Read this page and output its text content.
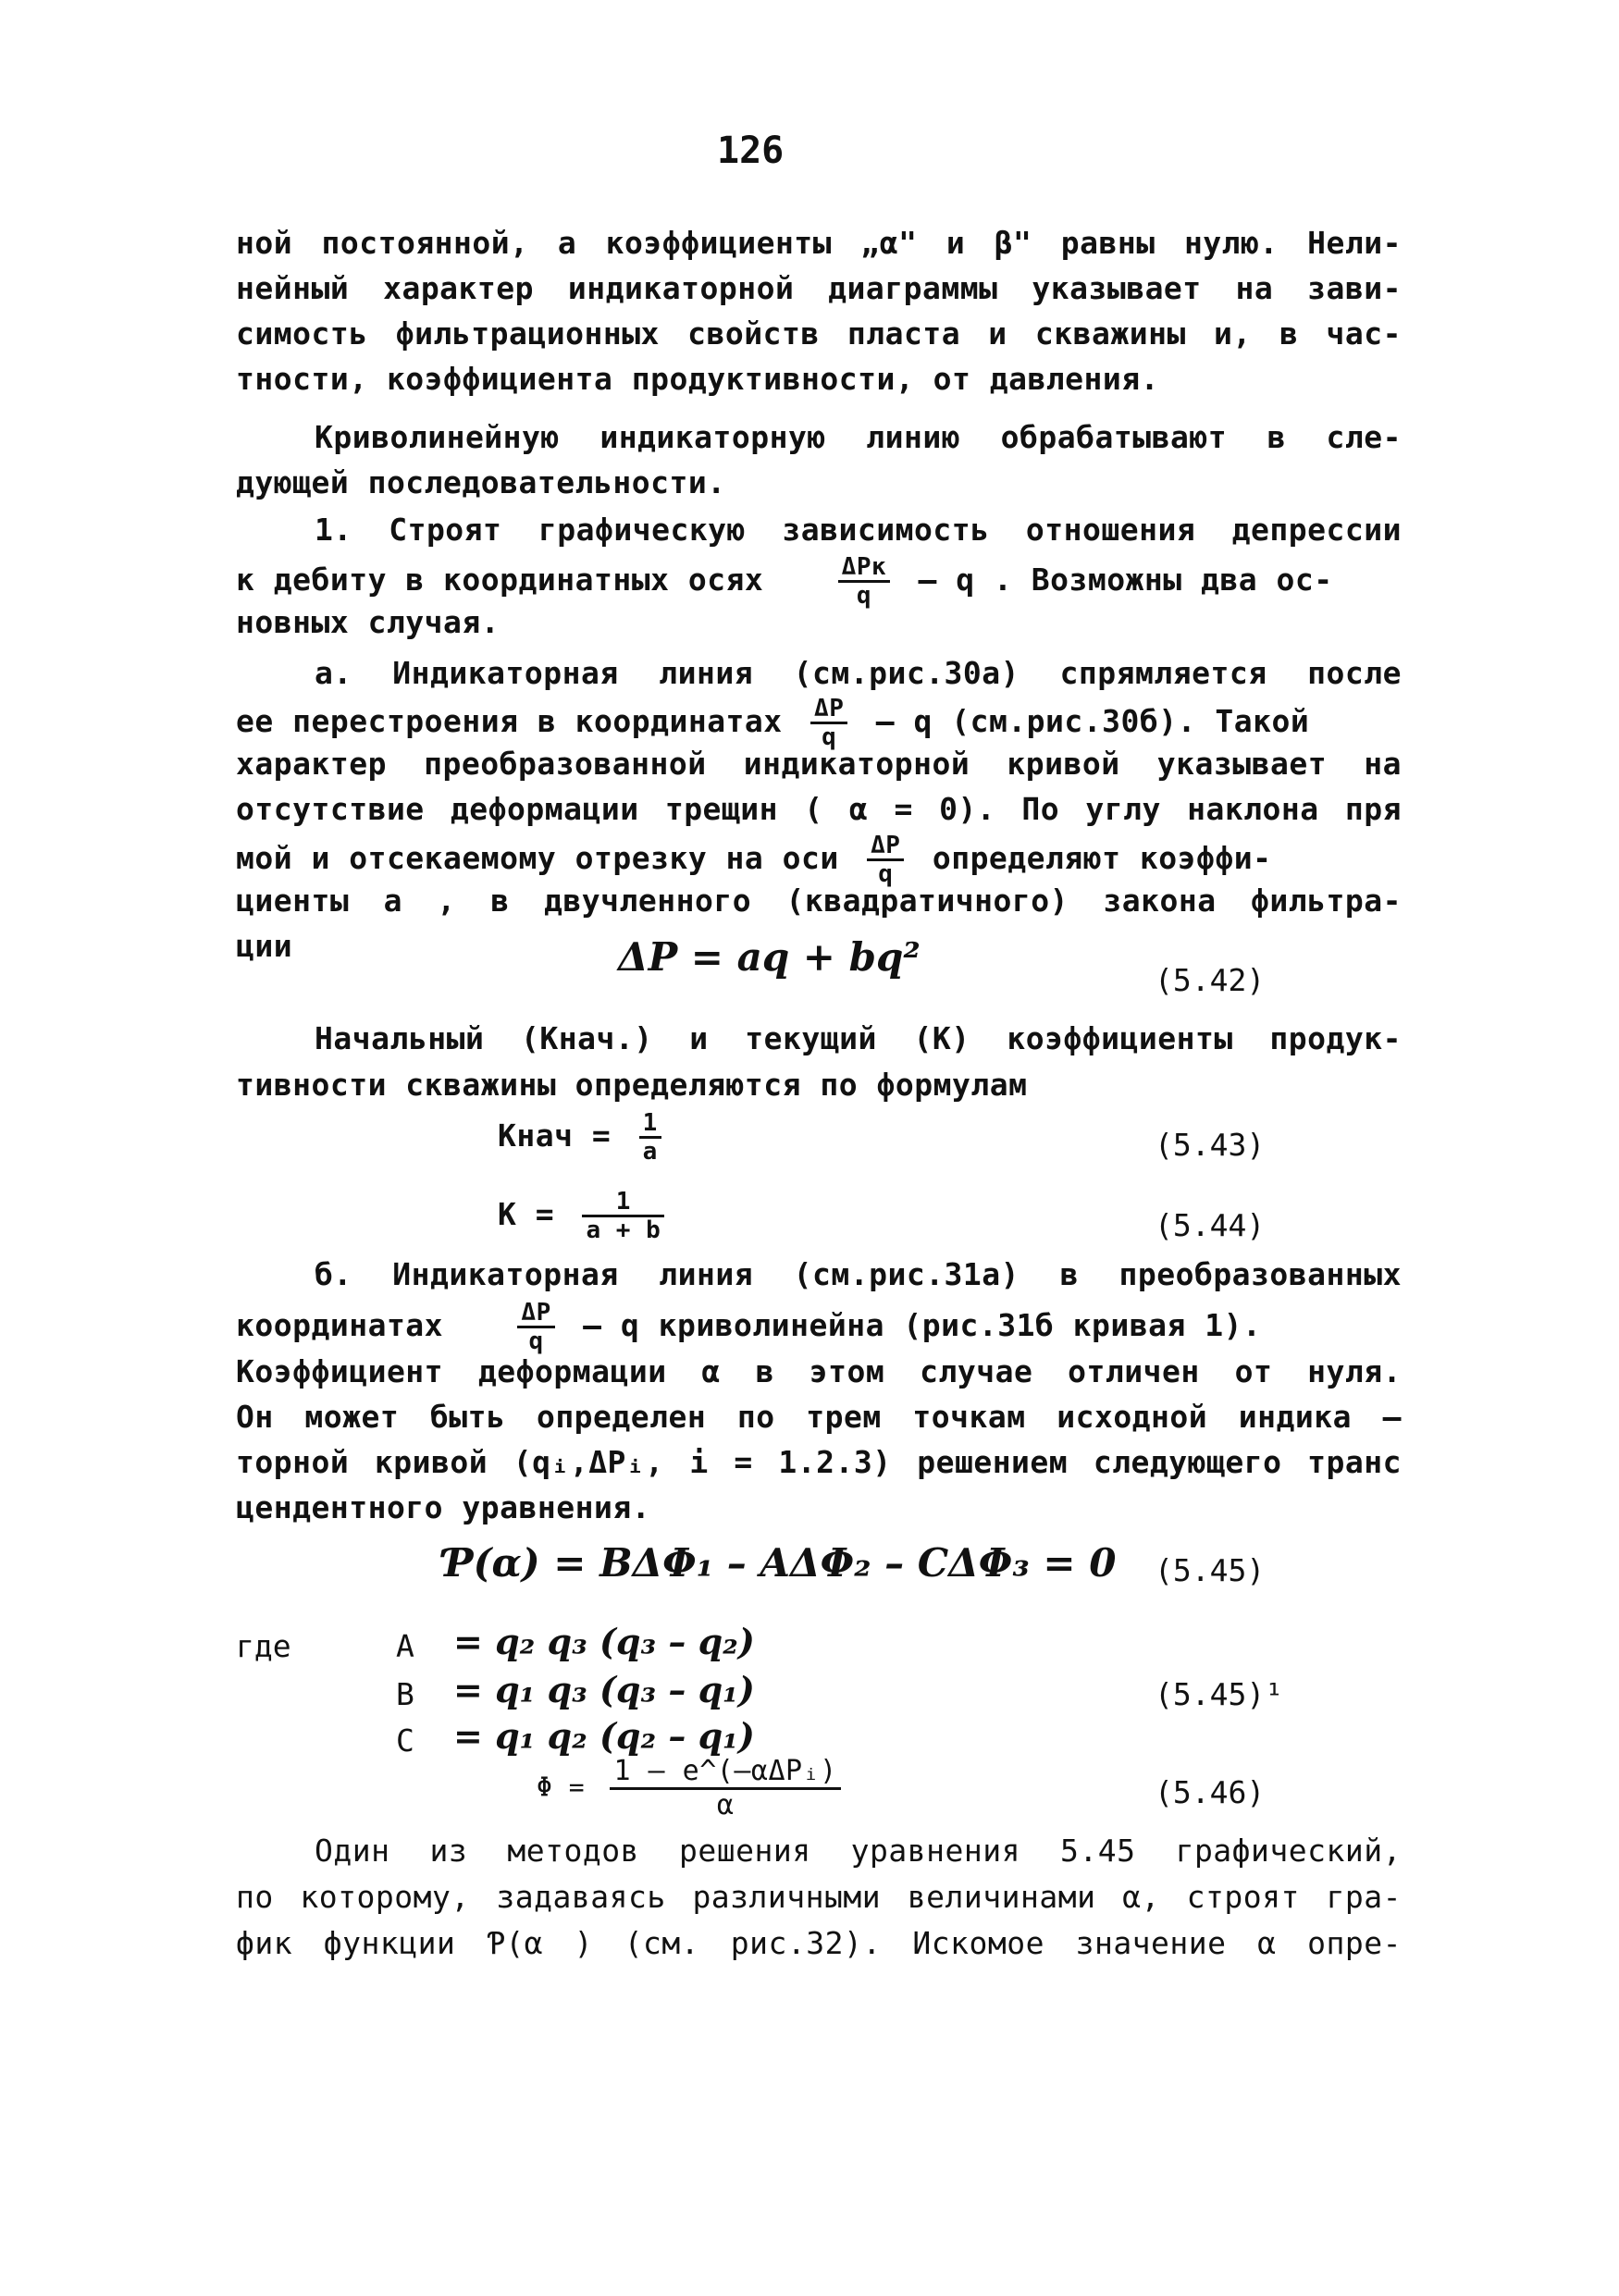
126
ной постоянной, а коэффициенты „α" и β" равны нулю. Нели-
нейный характер индикаторной диаграммы указывает на зави-
симость фильтрационных свойств пласта и скважины и, в час-
тности, коэффициента продуктивности, от давления.
Криволинейную индикаторную линию обрабатывают в сле-
дующей последовательности.
1. Строят графическую зависимость отношения депрессии
к дебиту в координатных осях	$\frac{\text{ΔPк}}{q}$ – q . Возможны два ос-
новных случая.
а. Индикаторная линия (см.рис.30а) спрямляется после
ее перестроения в координатах $\frac{\Delta P}{q}$ – q (см.рис.30б). Такой
характер преобразованной индикаторной кривой указывает на
отсутствие деформации трещин ( α = 0). По углу наклона пря
мой и отсекаемому отрезку на оси $\frac{\Delta P}{q}$ определяют коэффи-
циенты а , в двучленного (квадратичного) закона фильтра-
ции	ΔP = aq + bq²
(5.42)
Начальный (Кнач.) и текущий (К) коэффициенты продук-
тивности скважины определяются по формулам
Кнач = $\frac{1}{a}$	(5.43)
$К = \frac{1}{a + b}$	(5.44)
б. Индикаторная линия (см.рис.31а) в преобразованных
координатах	$\frac{\Delta P}{q}$ – q криволинейна (рис.31б кривая 1).
Коэффициент деформации α в этом случае отличен от нуля.
Он может быть определен по трем точкам исходной индика –
торной кривой (qᵢ,ΔPᵢ, i = 1.2.3) решением следующего транс
цендентного уравнения.
Ƥ(α) = BΔΦ₁ – AΔΦ₂ – CΔΦ₃ = 0 (5.45)
где	A = q₂ q₃ (q₃ – q₂)
B = q₁ q₃ (q₃ – q₁)	(5.45)¹
C = q₁ q₂ (q₂ – q₁)
$\Phi = \frac{\text{1 – e\textasciicircum{}(–αΔPᵢ)}}{\alpha}$	(5.46)
Один из методов решения уравнения 5.45 графический,
по которому, задаваясь различными величинами α, строят гра-
фик функции Ƥ(α ) (см. рис.32). Искомое значение α опре-
